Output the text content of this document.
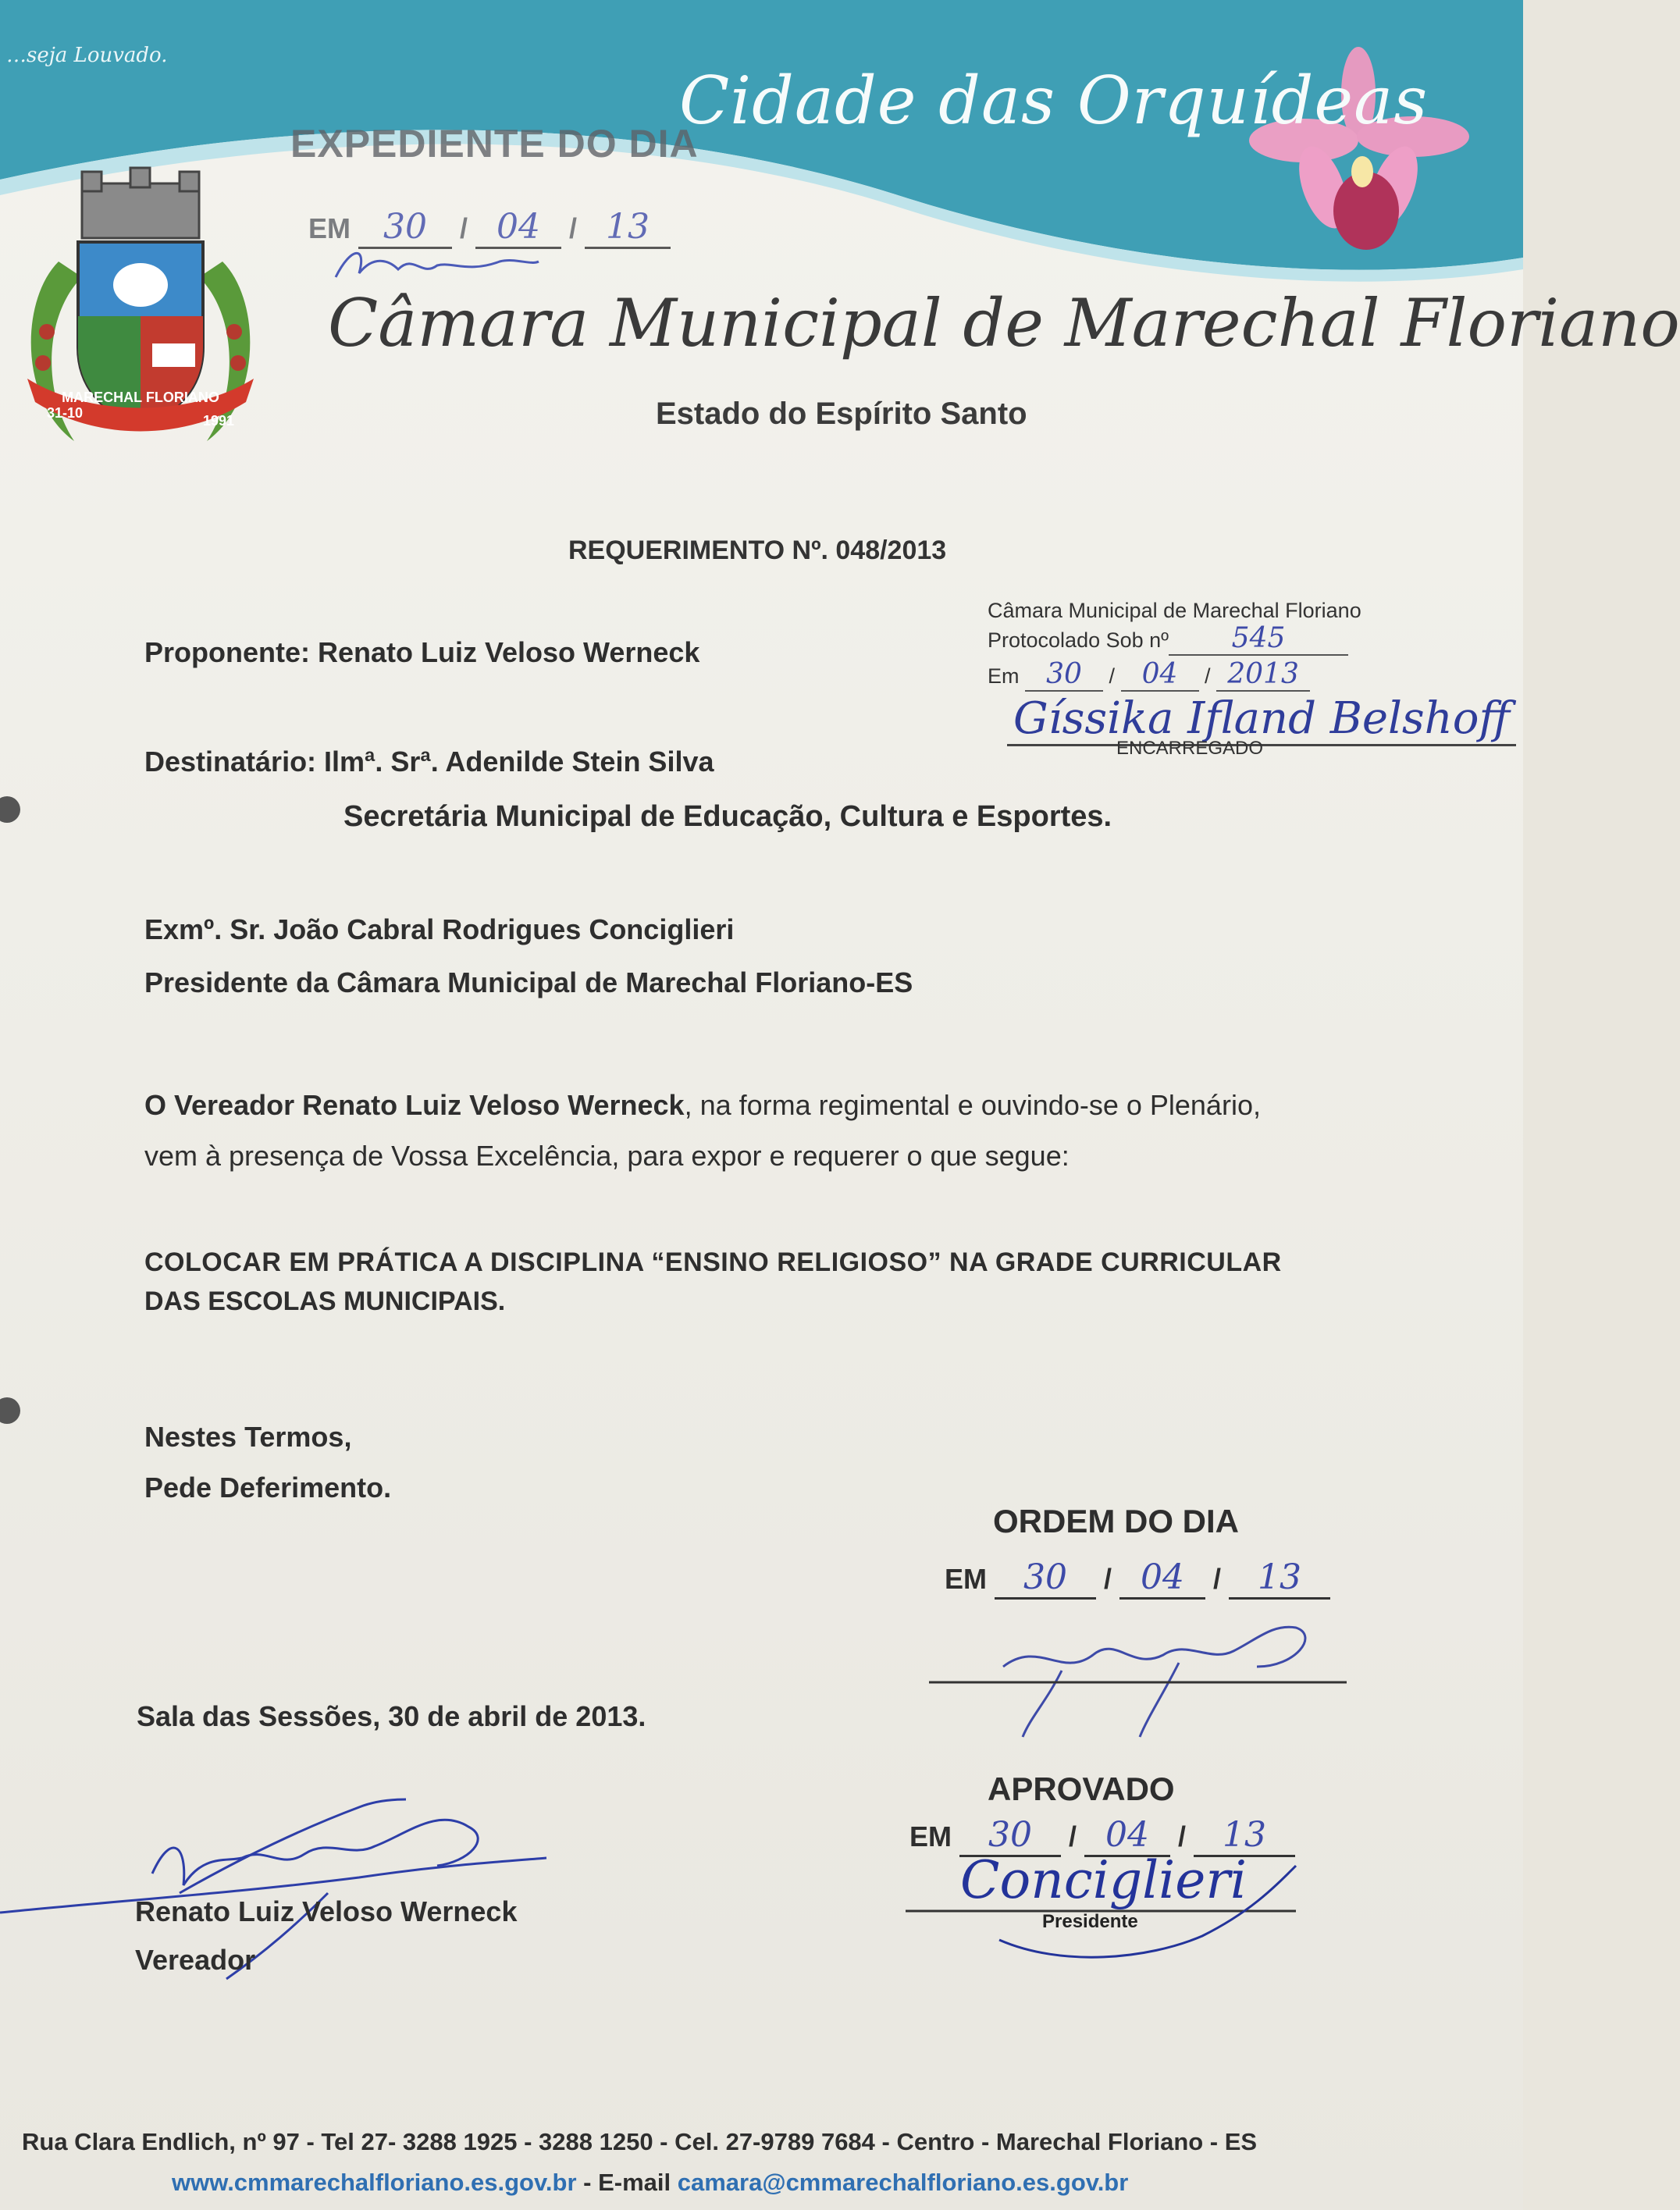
…seja Louvado.
Cidade das Orquídeas
MARECHAL FLORIANO
31-10	1991
EXPEDIENTE DO DIA
EM 30 / 04 / 13
Câmara Municipal de Marechal Floriano
Estado do Espírito Santo
REQUERIMENTO Nº. 048/2013
Câmara Municipal de Marechal Floriano
Protocolado Sob nº 545
Em 30 / 04 / 2013
Gíssika Ifland Belshoff
ENCARREGADO
Proponente: Renato Luiz Veloso Werneck
Destinatário: Ilmª. Srª. Adenilde Stein Silva
Secretária Municipal de Educação, Cultura e Esportes.
Exmº. Sr. João Cabral Rodrigues Conciglieri
Presidente da Câmara Municipal de Marechal Floriano-ES
O Vereador Renato Luiz Veloso Werneck, na forma regimental e ouvindo-se o Plenário,
vem à presença de Vossa Excelência, para expor e requerer o que segue:
COLOCAR EM PRÁTICA A DISCIPLINA “ENSINO RELIGIOSO” NA GRADE CURRICULAR
DAS ESCOLAS MUNICIPAIS.
Nestes Termos,
Pede Deferimento.
ORDEM DO DIA
EM 30 / 04 / 13
Sala das Sessões, 30 de abril de 2013.
APROVADO
EM 30 / 04 / 13
Conciglieri
Presidente
Renato Luiz Veloso Werneck
Vereador
Rua Clara Endlich, nº 97 - Tel 27- 3288 1925 - 3288 1250 - Cel. 27-9789 7684 - Centro - Marechal Floriano - ES
www.cmmarechalfloriano.es.gov.br - E-mail camara@cmmarechalfloriano.es.gov.br
